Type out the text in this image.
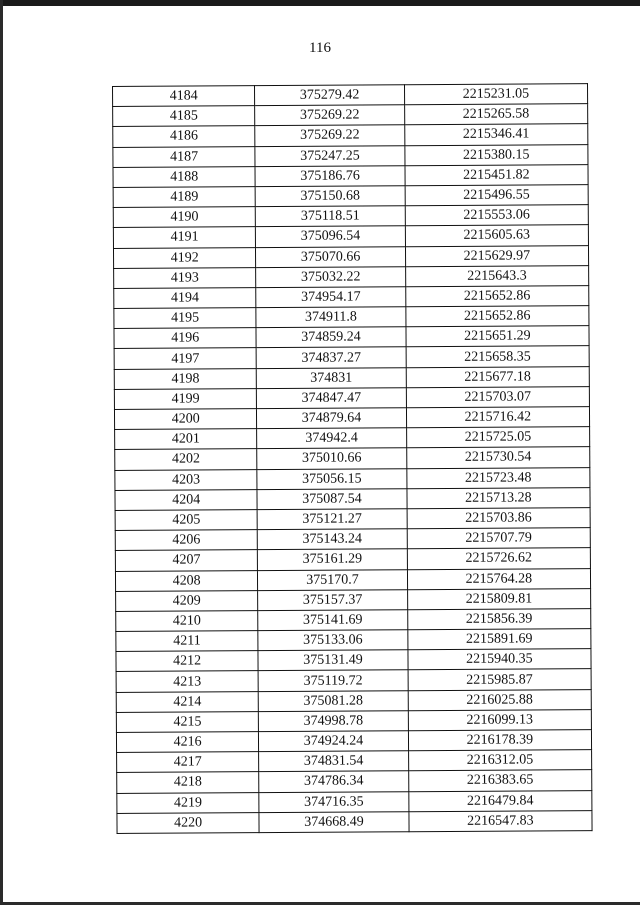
116
4184	375279.42	2215231.05
4185	375269.22	2215265.58
4186	375269.22	2215346.41
4187	375247.25	2215380.15
4188	375186.76	2215451.82
4189	375150.68	2215496.55
4190	375118.51	2215553.06
4191	375096.54	2215605.63
4192	375070.66	2215629.97
4193	375032.22	2215643.3
4194	374954.17	2215652.86
4195	374911.8	2215652.86
4196	374859.24	2215651.29
4197	374837.27	2215658.35
4198	374831	2215677.18
4199	374847.47	2215703.07
4200	374879.64	2215716.42
4201	374942.4	2215725.05
4202	375010.66	2215730.54
4203	375056.15	2215723.48
4204	375087.54	2215713.28
4205	375121.27	2215703.86
4206	375143.24	2215707.79
4207	375161.29	2215726.62
4208	375170.7	2215764.28
4209	375157.37	2215809.81
4210	375141.69	2215856.39
4211	375133.06	2215891.69
4212	375131.49	2215940.35
4213	375119.72	2215985.87
4214	375081.28	2216025.88
4215	374998.78	2216099.13
4216	374924.24	2216178.39
4217	374831.54	2216312.05
4218	374786.34	2216383.65
4219	374716.35	2216479.84
4220	374668.49	2216547.83
